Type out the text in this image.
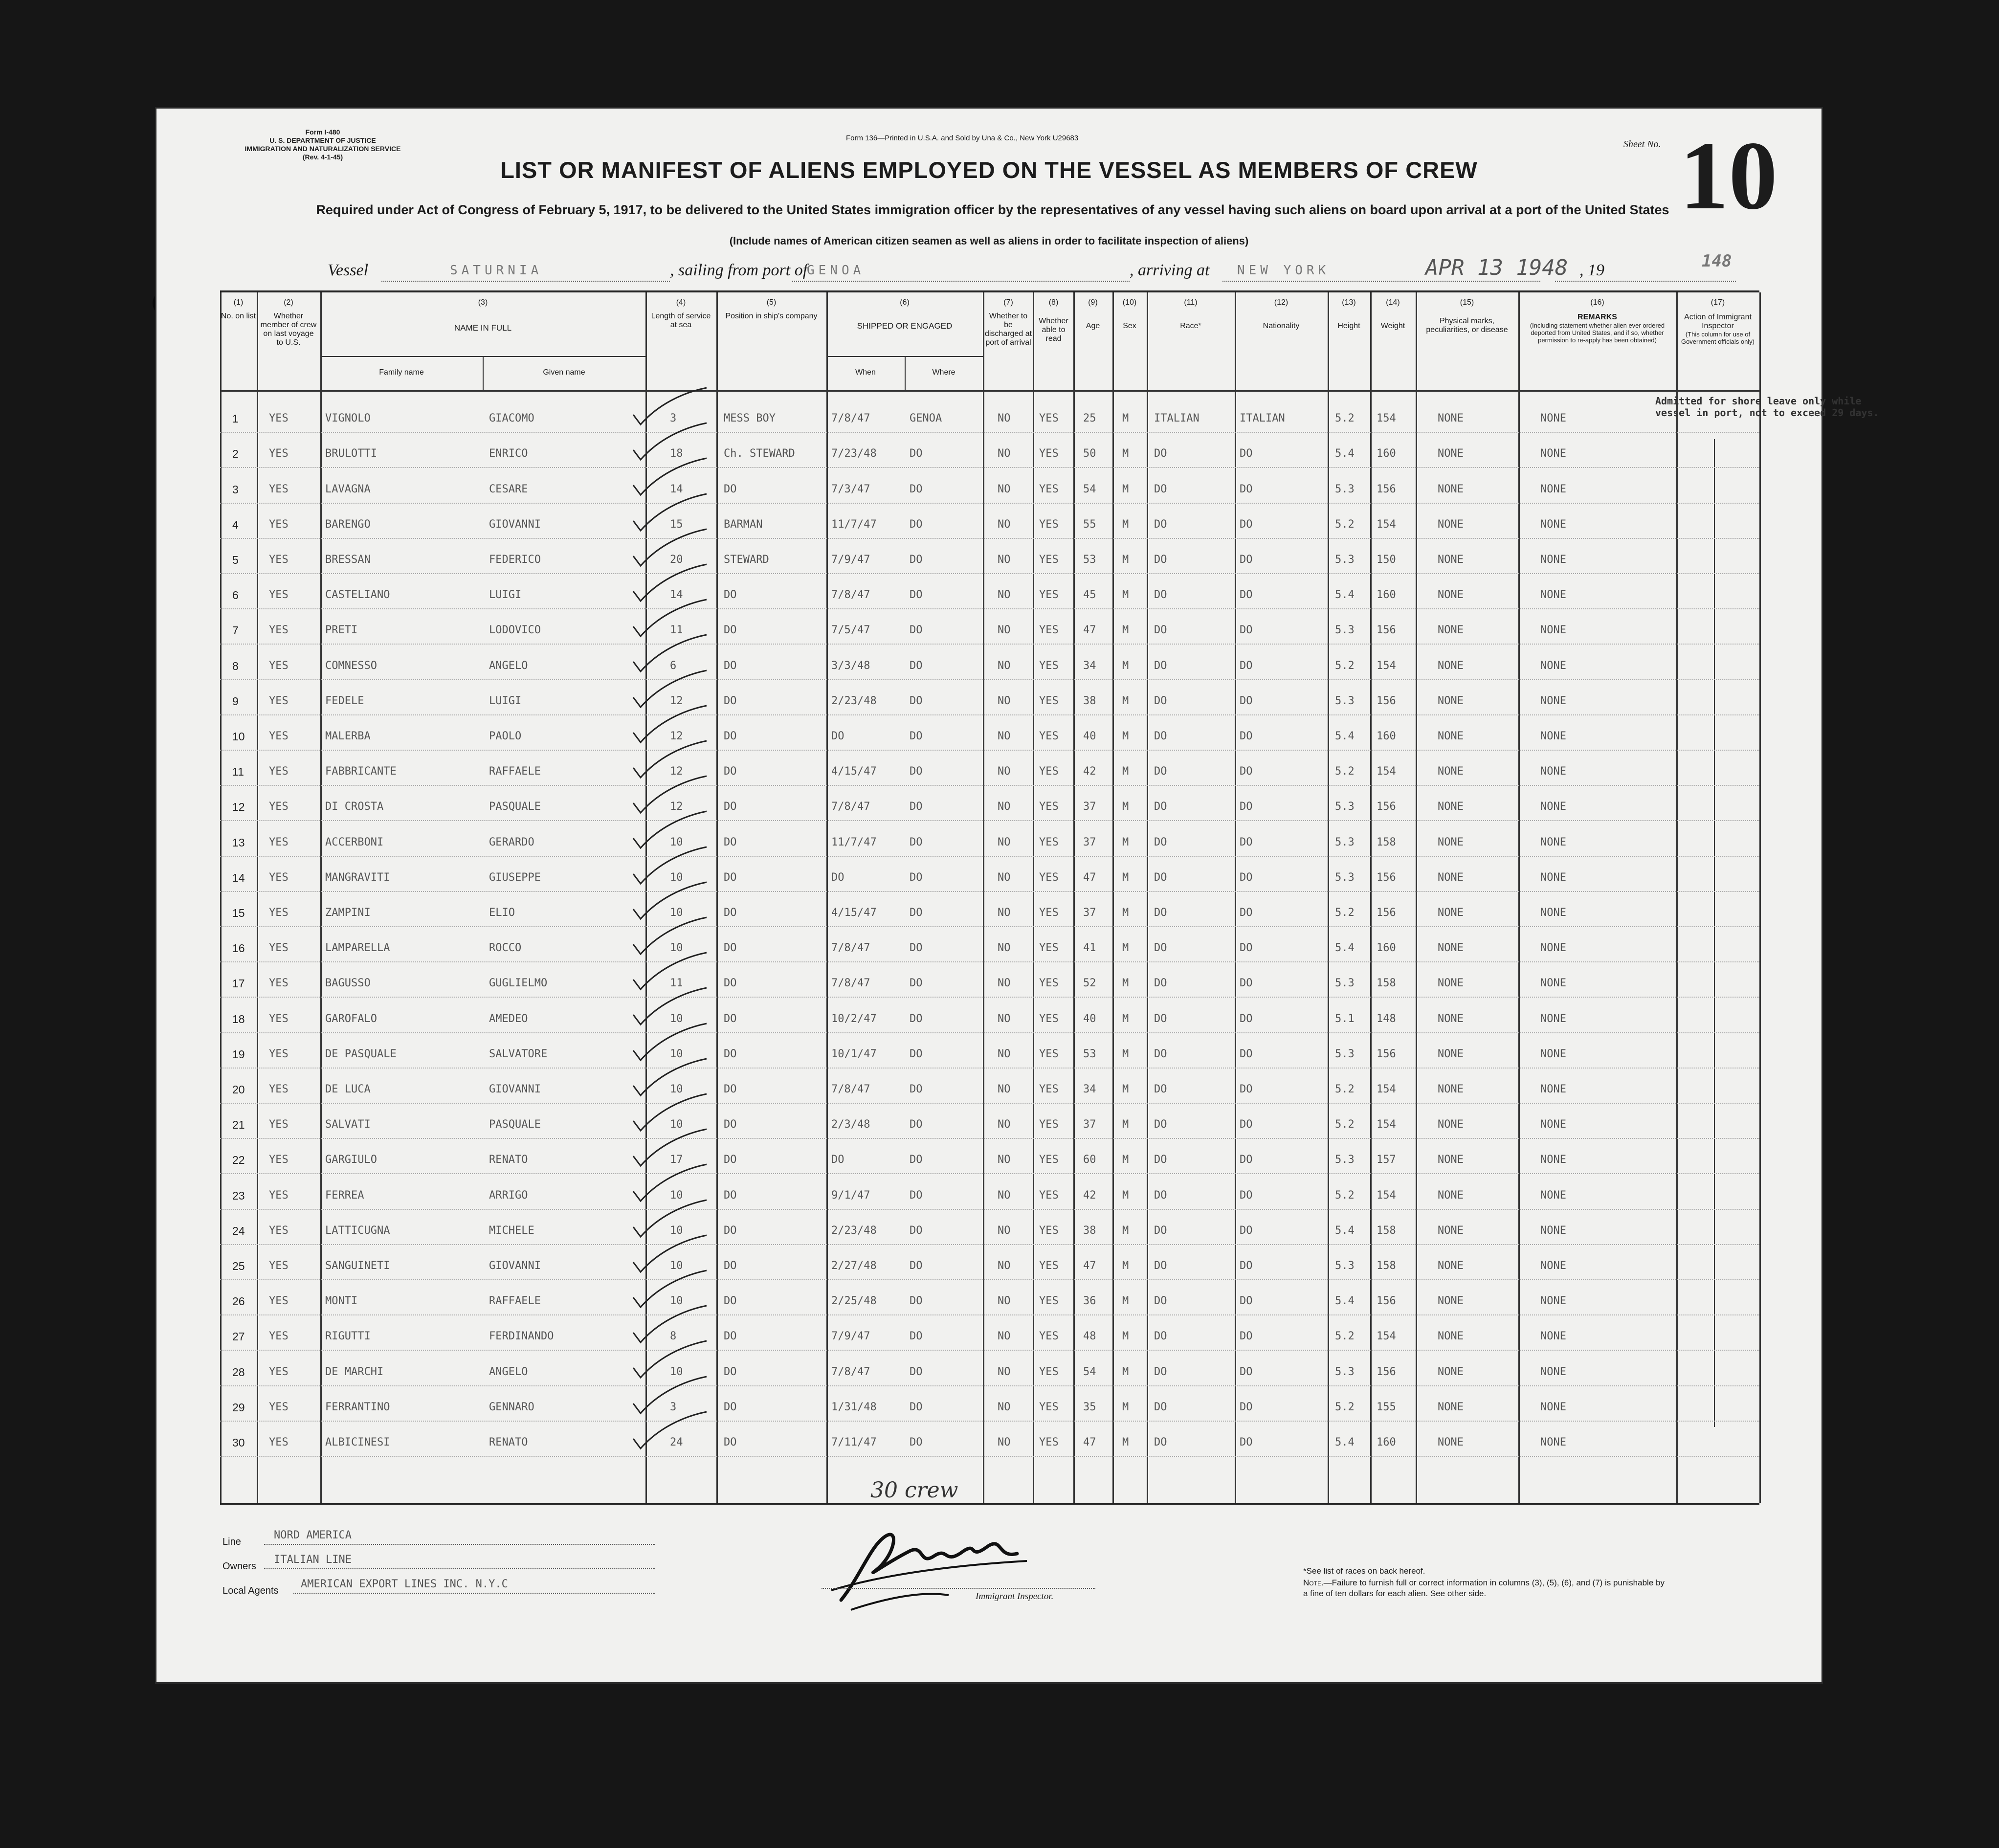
Form I-480
U. S. DEPARTMENT OF JUSTICE
IMMIGRATION AND NATURALIZATION SERVICE
(Rev. 4-1-45)
Form 136—Printed in U.S.A. and Sold by Una & Co., New York U29683
Sheet No. 10
LIST OR MANIFEST OF ALIENS EMPLOYED ON THE VESSEL AS MEMBERS OF CREW
Required under Act of Congress of February 5, 1917, to be delivered to the United States immigration officer by the representatives of any vessel having such aliens on board upon arrival at a port of the United States
(Include names of American citizen seamen as well as aliens in order to facilitate inspection of aliens)
Vessel	SATURNIA	, sailing from port of
GENOA	, arriving at NEW YORK	APR 13 1948 , 19	148
(1)
No. on list
(2)
Whether member of crew on last voyage to U.S.
(3)
NAME IN FULL
Family name	Given name
(4)
Length of service at sea
(5)
Position in ship's company
(6)
SHIPPED OR ENGAGED
When	Where
(7)
Whether to be discharged at port of arrival
(8)
Whether able to read
(9)
Age
(10)
Sex
(11)
Race*
(12)
Nationality
(13)
Height
(14)
Weight
(15)
Physical marks, peculiarities, or disease
(16)
REMARKS
(Including statement whether alien ever ordered deported from United States, and if so, whether permission to re-apply has been obtained)
(17)
Action of Immigrant Inspector
(This column for use of Government officials only)
Admitted for shore leave only while vessel in port, not to exceed 29 days.
1	YES	VIGNOLO	GIACOMO	3	MESS BOY	7/8/47	GENOA	NO	YES 25 M ITALIAN	ITALIAN	5.2 154	NONE	NONE
2	YES	BRULOTTI	ENRICO	18	Ch. STEWARD	7/23/48	DO	NO	YES 50 M DO	DO	5.4 160	NONE	NONE
3	YES	LAVAGNA	CESARE	14	DO	7/3/47	DO	NO	YES 54 M DO	DO	5.3 156	NONE	NONE
4	YES	BARENGO	GIOVANNI	15	BARMAN	11/7/47	DO	NO	YES 55 M DO	DO	5.2 154	NONE	NONE
5	YES	BRESSAN	FEDERICO	20	STEWARD	7/9/47	DO	NO	YES 53 M DO	DO	5.3 150	NONE	NONE
6	YES	CASTELIANO	LUIGI	14	DO	7/8/47	DO	NO	YES 45 M DO	DO	5.4 160	NONE	NONE
7	YES	PRETI	LODOVICO	11	DO	7/5/47	DO	NO	YES 47 M DO	DO	5.3 156	NONE	NONE
8	YES	COMNESSO	ANGELO	6	DO	3/3/48	DO	NO	YES 34 M DO	DO	5.2 154	NONE	NONE
9	YES	FEDELE	LUIGI	12	DO	2/23/48	DO	NO	YES 38 M DO	DO	5.3 156	NONE	NONE
10 YES	MALERBA	PAOLO	12	DO	DO	DO	NO	YES 40 M DO	DO	5.4 160	NONE	NONE
11 YES	FABBRICANTE	RAFFAELE	12	DO	4/15/47	DO	NO	YES 42 M DO	DO	5.2 154	NONE	NONE
12 YES	DI CROSTA	PASQUALE	12	DO	7/8/47	DO	NO	YES 37 M DO	DO	5.3 156	NONE	NONE
13 YES	ACCERBONI	GERARDO	10	DO	11/7/47	DO	NO	YES 37 M DO	DO	5.3 158	NONE	NONE
14 YES	MANGRAVITI	GIUSEPPE	10	DO	DO	DO	NO	YES 47 M DO	DO	5.3 156	NONE	NONE
15 YES	ZAMPINI	ELIO	10	DO	4/15/47	DO	NO	YES 37 M DO	DO	5.2 156	NONE	NONE
16 YES	LAMPARELLA	ROCCO	10	DO	7/8/47	DO	NO	YES 41 M DO	DO	5.4 160	NONE	NONE
17 YES	BAGUSSO	GUGLIELMO	11	DO	7/8/47	DO	NO	YES 52 M DO	DO	5.3 158	NONE	NONE
18 YES	GAROFALO	AMEDEO	10	DO	10/2/47	DO	NO	YES 40 M DO	DO	5.1 148	NONE	NONE
19 YES	DE PASQUALE	SALVATORE	10	DO	10/1/47	DO	NO	YES 53 M DO	DO	5.3 156	NONE	NONE
20 YES	DE LUCA	GIOVANNI	10	DO	7/8/47	DO	NO	YES 34 M DO	DO	5.2 154	NONE	NONE
21 YES	SALVATI	PASQUALE	10	DO	2/3/48	DO	NO	YES 37 M DO	DO	5.2 154	NONE	NONE
22 YES	GARGIULO	RENATO	17	DO	DO	DO	NO	YES 60 M DO	DO	5.3 157	NONE	NONE
23 YES	FERREA	ARRIGO	10	DO	9/1/47	DO	NO	YES 42 M DO	DO	5.2 154	NONE	NONE
24 YES	LATTICUGNA	MICHELE	10	DO	2/23/48	DO	NO	YES 38 M DO	DO	5.4 158	NONE	NONE
25 YES	SANGUINETI	GIOVANNI	10	DO	2/27/48	DO	NO	YES 47 M DO	DO	5.3 158	NONE	NONE
26 YES	MONTI	RAFFAELE	10	DO	2/25/48	DO	NO	YES 36 M DO	DO	5.4 156	NONE	NONE
27 YES	RIGUTTI	FERDINANDO	8	DO	7/9/47	DO	NO	YES 48 M DO	DO	5.2 154	NONE	NONE
28 YES	DE MARCHI	ANGELO	10	DO	7/8/47	DO	NO	YES 54 M DO	DO	5.3 156	NONE	NONE
29 YES	FERRANTINO	GENNARO	3	DO	1/31/48	DO	NO	YES 35 M DO	DO	5.2 155	NONE	NONE
30 YES	ALBICINESI	RENATO	24	DO	7/11/47	DO	NO	YES 47 M DO	DO	5.4 160	NONE	NONE
30 crew
Line
NORD AMERICA
Owners
ITALIAN LINE
Local Agents
AMERICAN EXPORT LINES INC. N.Y.C
Immigrant Inspector.
*See list of races on back hereof.
Note.—Failure to furnish full or correct information in columns (3), (5), (6), and (7) is punishable by a fine of ten dollars for each alien. See other side.
